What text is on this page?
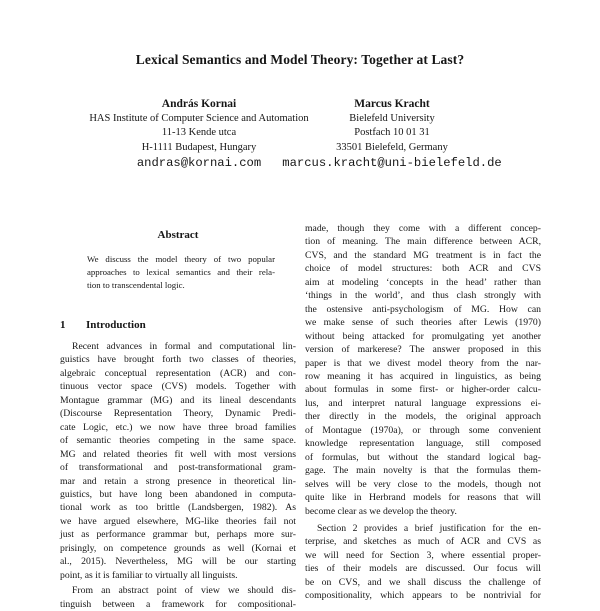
Lexical Semantics and Model Theory: Together at Last?
András Kornai
HAS Institute of Computer Science and Automation
11-13 Kende utca
H-1111 Budapest, Hungary
andras@kornai.com
Marcus Kracht
Bielefeld University
Postfach 10 01 31
33501 Bielefeld, Germany
marcus.kracht@uni-bielefeld.de
Abstract
We discuss the model theory of two popular
approaches to lexical semantics and their rela-
tion to transcendental logic.
1 Introduction
Recent advances in formal and computational lin-
guistics have brought forth two classes of theories,
algebraic conceptual representation (ACR) and con-
tinuous vector space (CVS) models. Together with
Montague grammar (MG) and its lineal descendants
(Discourse Representation Theory, Dynamic Predi-
cate Logic, etc.) we now have three broad families
of semantic theories competing in the same space.
MG and related theories fit well with most versions
of transformational and post-transformational gram-
mar and retain a strong presence in theoretical lin-
guistics, but have long been abandoned in computa-
tional work as too brittle (Landsbergen, 1982). As
we have argued elsewhere, MG-like theories fail not
just as performance grammar but, perhaps more sur-
prisingly, on competence grounds as well (Kornai et
al., 2015). Nevertheless, MG will be our starting
point, as it is familiar to virtually all linguists.
From an abstract point of view we should dis-
tinguish between a framework for compositional-
made, though they come with a different concep-
tion of meaning. The main difference between ACR,
CVS, and the standard MG treatment is in fact the
choice of model structures: both ACR and CVS
aim at modeling ‘concepts in the head’ rather than
‘things in the world’, and thus clash strongly with
the ostensive anti-psychologism of MG. How can
we make sense of such theories after Lewis (1970)
without being attacked for promulgating yet another
version of markerese? The answer proposed in this
paper is that we divest model theory from the nar-
row meaning it has acquired in linguistics, as being
about formulas in some first- or higher-order calcu-
lus, and interpret natural language expressions ei-
ther directly in the models, the original approach
of Montague (1970a), or through some convenient
knowledge representation language, still composed
of formulas, but without the standard logical bag-
gage. The main novelty is that the formulas them-
selves will be very close to the models, though not
quite like in Herbrand models for reasons that will
become clear as we develop the theory.
Section 2 provides a brief justification for the en-
terprise, and sketches as much of ACR and CVS as
we will need for Section 3, where essential proper-
ties of their models are discussed. Our focus will
be on CVS, and we shall discuss the challenge of
compositionality, which appears to be nontrivial for
